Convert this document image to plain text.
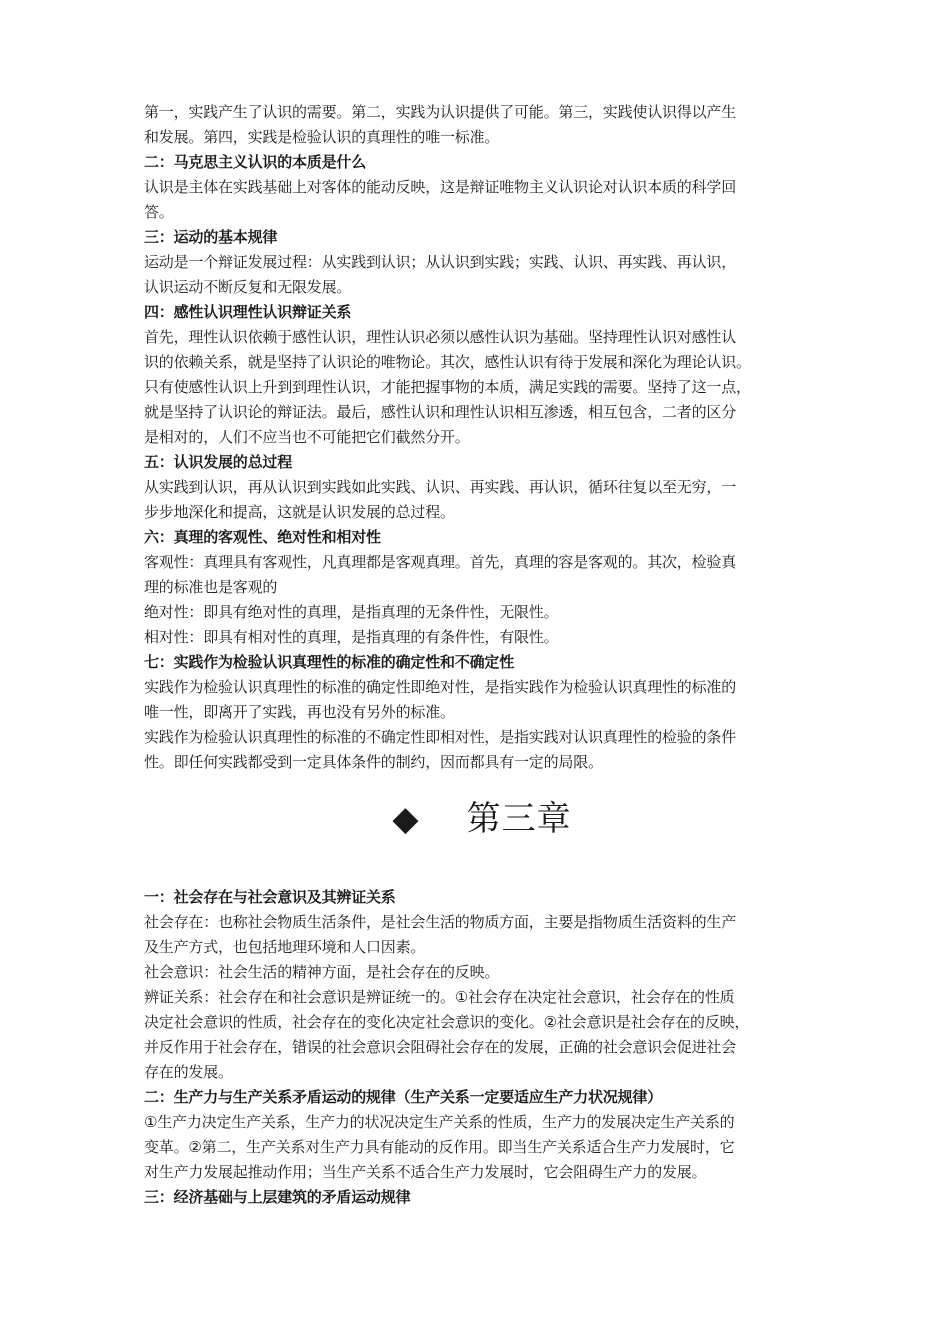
第一，实践产生了认识的需要。第二，实践为认识提供了可能。第三，实践使认识得以产生
和发展。第四，实践是检验认识的真理性的唯一标准。
二：马克思主义认识的本质是什么
认识是主体在实践基础上对客体的能动反映，这是辩证唯物主义认识论对认识本质的科学回
答。
三：运动的基本规律
运动是一个辩证发展过程：从实践到认识；从认识到实践；实践、认识、再实践、再认识，
认识运动不断反复和无限发展。
四：感性认识理性认识辩证关系
首先，理性认识依赖于感性认识，理性认识必须以感性认识为基础。坚持理性认识对感性认
识的依赖关系，就是坚持了认识论的唯物论。其次，感性认识有待于发展和深化为理论认识。
只有使感性认识上升到到理性认识，才能把握事物的本质，满足实践的需要。坚持了这一点，
就是坚持了认识论的辩证法。最后，感性认识和理性认识相互渗透，相互包含，二者的区分
是相对的，人们不应当也不可能把它们截然分开。
五：认识发展的总过程
从实践到认识，再从认识到实践如此实践、认识、再实践、再认识，循环往复以至无穷，一
步步地深化和提高，这就是认识发展的总过程。
六：真理的客观性、绝对性和相对性
客观性：真理具有客观性，凡真理都是客观真理。首先，真理的容是客观的。其次，检验真
理的标准也是客观的
绝对性：即具有绝对性的真理，是指真理的无条件性，无限性。
相对性：即具有相对性的真理，是指真理的有条件性，有限性。
七：实践作为检验认识真理性的标准的确定性和不确定性
实践作为检验认识真理性的标准的确定性即绝对性，是指实践作为检验认识真理性的标准的
唯一性，即离开了实践，再也没有另外的标准。
实践作为检验认识真理性的标准的不确定性即相对性，是指实践对认识真理性的检验的条件
性。即任何实践都受到一定具体条件的制约，因而都具有一定的局限。
◆ 第三章
一：社会存在与社会意识及其辨证关系
社会存在：也称社会物质生活条件，是社会生活的物质方面，主要是指物质生活资料的生产
及生产方式，也包括地理环境和人口因素。
社会意识：社会生活的精神方面，是社会存在的反映。
辨证关系：社会存在和社会意识是辨证统一的。①社会存在决定社会意识，社会存在的性质
决定社会意识的性质，社会存在的变化决定社会意识的变化。②社会意识是社会存在的反映，
并反作用于社会存在，错误的社会意识会阻碍社会存在的发展，正确的社会意识会促进社会
存在的发展。
二：生产力与生产关系矛盾运动的规律（生产关系一定要适应生产力状况规律）
①生产力决定生产关系，生产力的状况决定生产关系的性质，生产力的发展决定生产关系的
变革。②第二，生产关系对生产力具有能动的反作用。即当生产关系适合生产力发展时，它
对生产力发展起推动作用；当生产关系不适合生产力发展时，它会阻碍生产力的发展。
三：经济基础与上层建筑的矛盾运动规律
